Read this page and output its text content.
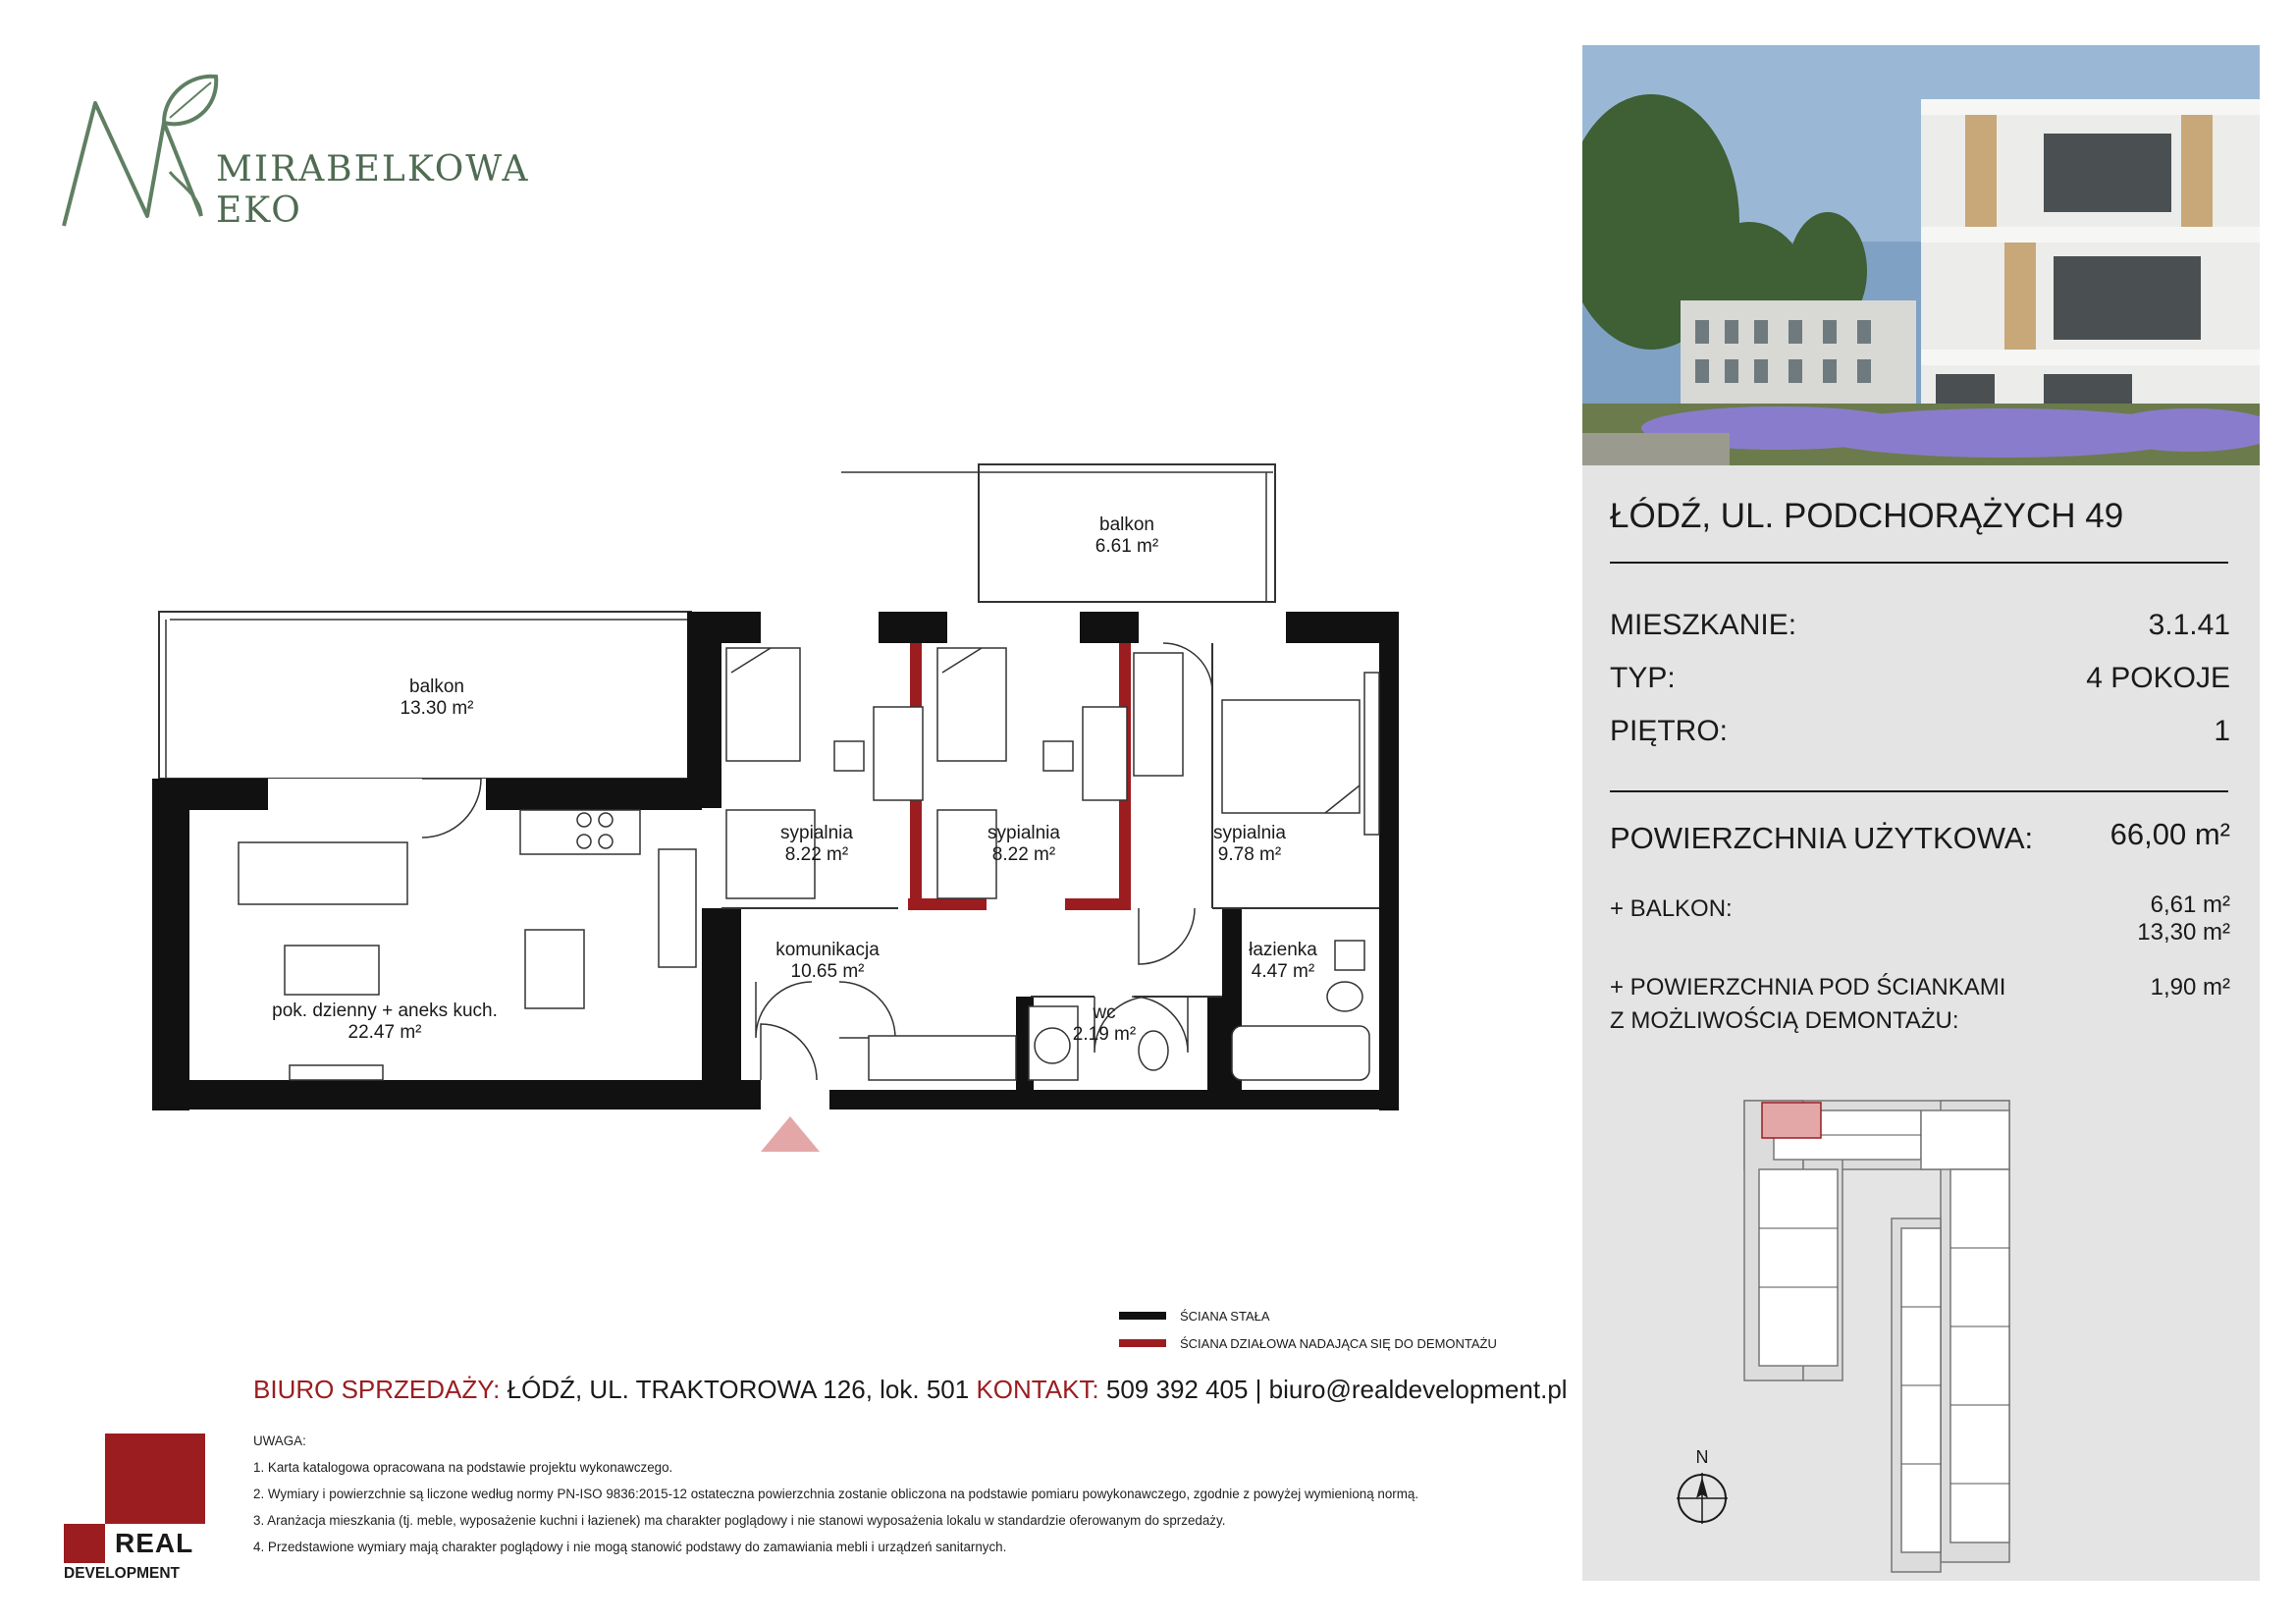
MIRABELKOWA
EKO
balkon
13.30 m²
balkon
6.61 m²
sypialnia
8.22 m²
sypialnia
8.22 m²
sypialnia
9.78 m²
komunikacja
10.65 m²
łazienka
4.47 m²
wc
2.19 m²
pok. dzienny + aneks kuch.
22.47 m²
ŚCIANA STAŁA
ŚCIANA DZIAŁOWA NADAJĄCA SIĘ DO DEMONTAŻU
BIURO SPRZEDAŻY: ŁÓDŹ, UL. TRAKTOROWA 126, lok. 501 KONTAKT: 509 392 405 | biuro@realdevelopment.pl
REAL
DEVELOPMENT

UWAGA:

1. Karta katalogowa opracowana na podstawie projektu wykonawczego.

2. Wymiary i powierzchnie są liczone według normy PN-ISO 9836:2015-12 ostateczna powierzchnia zostanie obliczona na podstawie pomiaru powykonawczego, zgodnie z powyżej wymienioną normą.

3. Aranżacja mieszkania (tj. meble, wyposażenie kuchni i łazienek) ma charakter poglądowy i nie stanowi wyposażenia lokalu w standardzie oferowanym do sprzedaży.

4. Przedstawione wymiary mają charakter poglądowy i nie mogą stanowić podstawy do zamawiania mebli i urządzeń sanitarnych.

ŁÓDŹ, UL. PODCHORĄŻYCH 49
MIESZKANIE:	3.1.41
TYP:	4 POKOJE
PIĘTRO:	1
POWIERZCHNIA UŻYTKOWA:	66,00 m²
+ BALKON:	6,61 m²
13,30 m²
+ POWIERZCHNIA POD ŚCIANKAMI
Z MOŻLIWOŚCIĄ DEMONTAŻU:
1,90 m²
N
